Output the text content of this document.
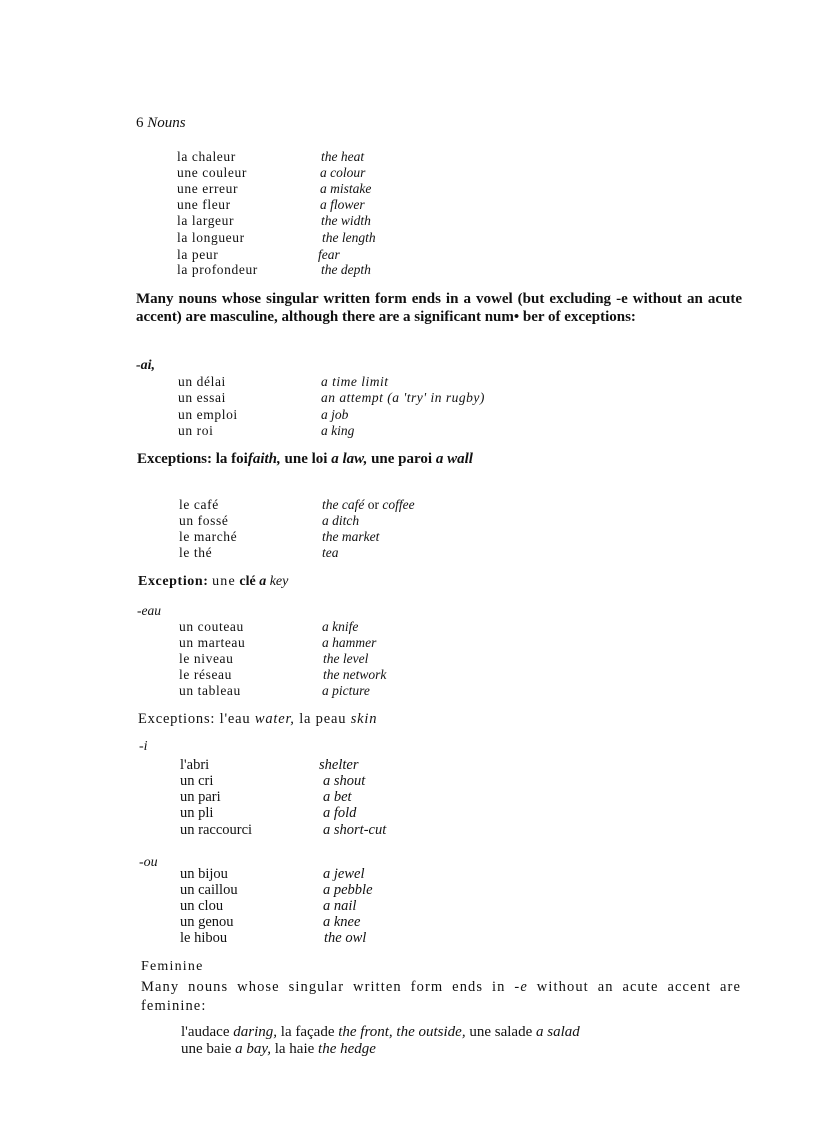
6 Nouns
la chaleur	the heat
une couleur	a colour
une erreur	a mistake
une fleur	a flower
la largeur	the width
la longueur	the length
la peur	fear
la profondeur	the depth
Many nouns whose singular written form ends in a vowel (but excluding -e without an acute accent) are masculine, although there are a significant num• ber of exceptions:
-ai,
un délai	a time limit
un essai	an attempt (a 'try' in rugby)
un emploi	a job
un roi	a king
Exceptions: la foifaith, une loi a law, une paroi a wall
le café	the café or coffee
un fossé	a ditch
le marché	the market
le thé	tea
Exception: une clé a key
-eau
un couteau	a knife
un marteau	a hammer
le niveau	the level
le réseau	the network
un tableau	a picture
Exceptions: l'eau water, la peau skin
-i
l'abri	shelter
un cri	a shout
un pari	a bet
un pli	a fold
un raccourci	a short-cut
-ou
un bijou	a jewel
un caillou	a pebble
un clou	a nail
un genou	a knee
le hibou	the owl
Feminine
Many nouns whose singular written form ends in -e without an acute accent are feminine:
l'audace daring, la façade the front, the outside, une salade a salad
une baie a bay, la haie the hedge
